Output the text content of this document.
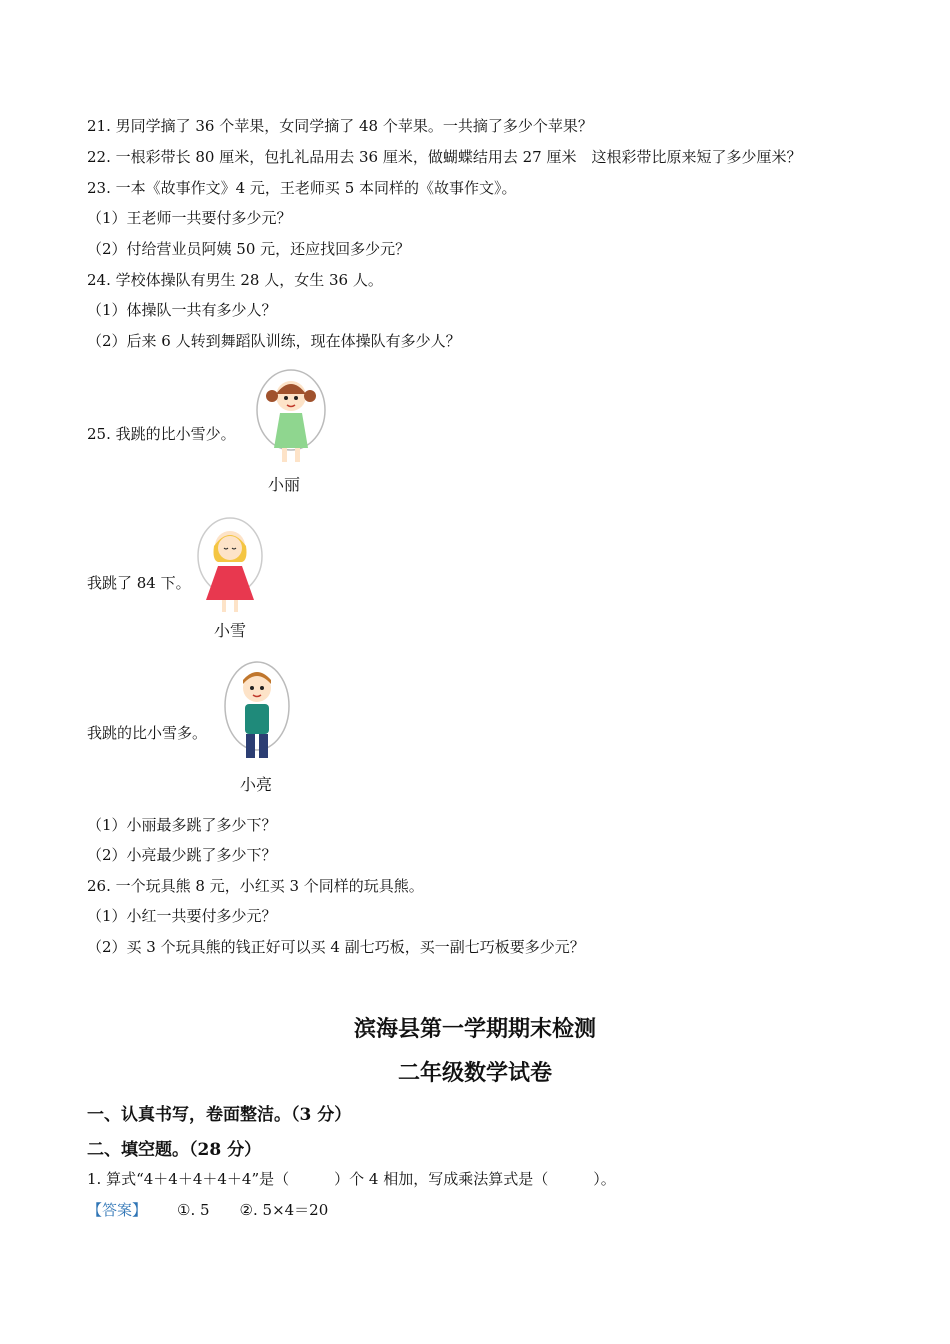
21. 男同学摘了 36 个苹果，女同学摘了 48 个苹果。一共摘了多少个苹果？
22. 一根彩带长 80 厘米，包扎礼品用去 36 厘米，做蝴蝶结用去 27 厘米　这根彩带比原来短了多少厘米？
23. 一本《故事作文》4 元，王老师买 5 本同样的《故事作文》。
（1）王老师一共要付多少元？
（2）付给营业员阿姨 50 元，还应找回多少元？
24. 学校体操队有男生 28 人，女生 36 人。
（1）体操队一共有多少人？
（2）后来 6 人转到舞蹈队训练，现在体操队有多少人？
25. 我跳的比小雪少。
小丽
我跳了 84 下。
小雪
我跳的比小雪多。
小亮
（1）小丽最多跳了多少下？
（2）小亮最少跳了多少下？
26. 一个玩具熊 8 元，小红买 3 个同样的玩具熊。
（1）小红一共要付多少元？
（2）买 3 个玩具熊的钱正好可以买 4 副七巧板，买一副七巧板要多少元？
滨海县第一学期期末检测
二年级数学试卷
一、认真书写，卷面整洁。（3 分）
二、填空题。（28 分）
1. 算式“4＋4＋4＋4＋4”是（　　　）个 4 相加，写成乘法算式是（　　　）。
【答案】 ①. 5 ②. 5×4＝20
